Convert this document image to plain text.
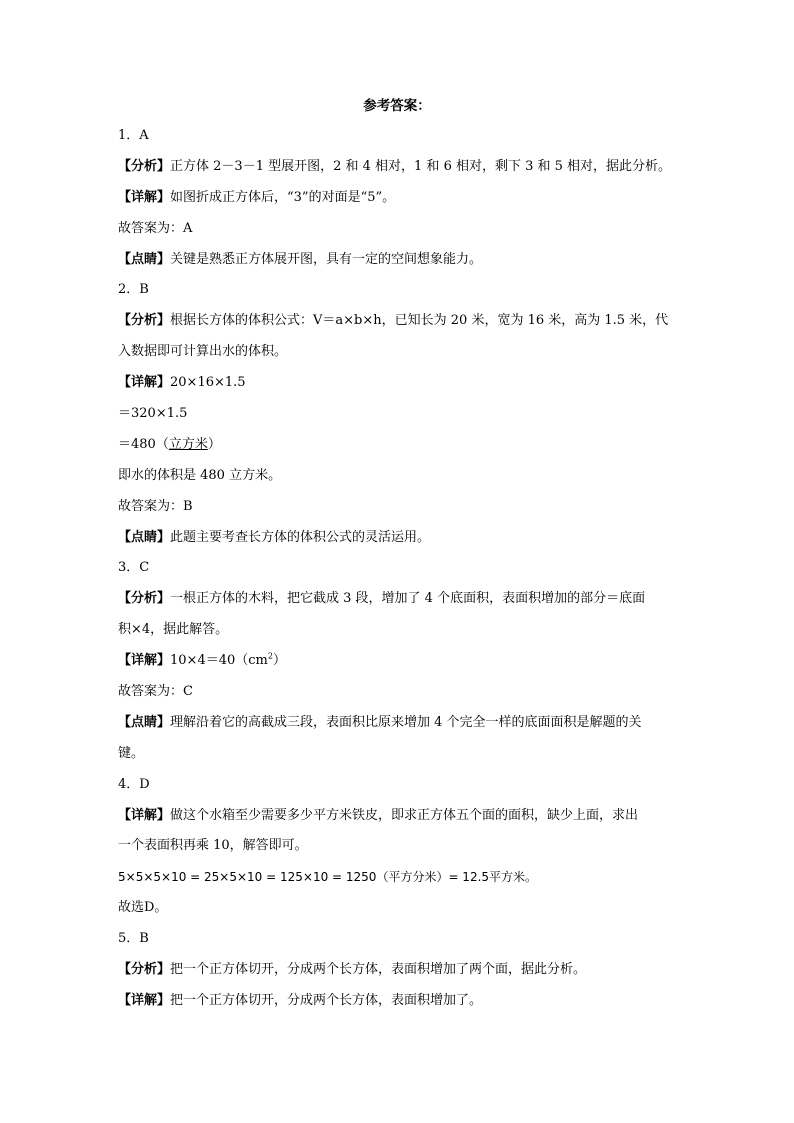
参考答案：
1．A
【分析】正方体 2－3－1 型展开图，2 和 4 相对，1 和 6 相对，剩下 3 和 5 相对，据此分析。
【详解】如图折成正方体后，“3”的对面是“5”。
故答案为：A
【点睛】关键是熟悉正方体展开图，具有一定的空间想象能力。
2．B
【分析】根据长方体的体积公式：V＝a×b×h，已知长为 20 米，宽为 16 米，高为 1.5 米，代
入数据即可计算出水的体积。
【详解】20×16×1.5
＝320×1.5
＝480（立方米）
即水的体积是 480 立方米。
故答案为：B
【点睛】此题主要考查长方体的体积公式的灵活运用。
3．C
【分析】一根正方体的木料，把它截成 3 段，增加了 4 个底面积，表面积增加的部分＝底面
积×4，据此解答。
【详解】$10\times 4=40(cm^2)$
故答案为：C
【点睛】理解沿着它的高截成三段，表面积比原来增加 4 个完全一样的底面面积是解题的关
键。
4．D
【详解】做这个水箱至少需要多少平方米铁皮，即求正方体五个面的面积，缺少上面，求出
一个表面积再乘 10，解答即可。
5×5×5×10 = 25×5×10 = 125×10 = 1250（平方分米）= 12.5平方米。
故选D。
5．B
【分析】把一个正方体切开，分成两个长方体，表面积增加了两个面，据此分析。
【详解】把一个正方体切开，分成两个长方体，表面积增加了。
